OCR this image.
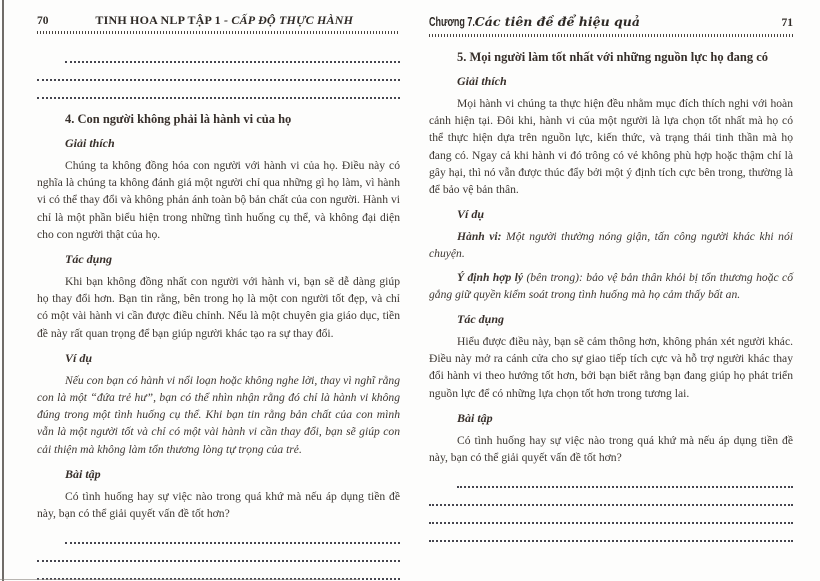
70	TINH HOA NLP TẬP 1 - CẤP ĐỘ THỰC HÀNH
4. Con người không phải là hành vi của họ
Giải thích

Chúng ta không đồng hóa con người với hành vi của họ. Điều này có nghĩa là chúng ta không đánh giá một người chỉ qua những gì họ làm, vì hành vi có thể thay đổi và không phản ánh toàn bộ bản chất của con người. Hành vi chỉ là một phần biểu hiện trong những tình huống cụ thể, và không đại diện cho con người thật của họ.

Tác dụng

Khi bạn không đồng nhất con người với hành vi, bạn sẽ dễ dàng giúp họ thay đổi hơn. Bạn tin rằng, bên trong họ là một con người tốt đẹp, và chỉ có một vài hành vi cần được điều chỉnh. Nếu là một chuyên gia giáo dục, tiền đề này rất quan trọng để bạn giúp người khác tạo ra sự thay đổi.

Ví dụ

Nếu con bạn có hành vi nổi loạn hoặc không nghe lời, thay vì nghĩ rằng con là một “đứa trẻ hư”, bạn có thể nhìn nhận rằng đó chỉ là hành vi không đúng trong một tình huống cụ thể. Khi bạn tin rằng bản chất của con mình vẫn là một người tốt và chỉ có một vài hành vi cần thay đổi, bạn sẽ giúp con cải thiện mà không làm tổn thương lòng tự trọng của trẻ.

Bài tập

Có tình huống hay sự việc nào trong quá khứ mà nếu áp dụng tiền đề này, bạn có thể giải quyết vấn đề tốt hơn?

Chương 7.Các tiên đề để hiệu quả	71
5. Mọi người làm tốt nhất với những nguồn lực họ đang có
Giải thích

Mọi hành vi chúng ta thực hiện đều nhằm mục đích thích nghi với hoàn cảnh hiện tại. Đôi khi, hành vi của một người là lựa chọn tốt nhất mà họ có thể thực hiện dựa trên nguồn lực, kiến thức, và trạng thái tinh thần mà họ đang có. Ngay cả khi hành vi đó trông có vẻ không phù hợp hoặc thậm chí là gây hại, thì nó vẫn được thúc đẩy bởi một ý định tích cực bên trong, thường là để bảo vệ bản thân.

Ví dụ

Hành vi: Một người thường nóng giận, tấn công người khác khi nói chuyện.

Ý định hợp lý (bên trong): bảo vệ bản thân khỏi bị tổn thương hoặc cố gắng giữ quyền kiểm soát trong tình huống mà họ cảm thấy bất an.

Tác dụng

Hiểu được điều này, bạn sẽ cảm thông hơn, không phán xét người khác. Điều này mở ra cánh cửa cho sự giao tiếp tích cực và hỗ trợ người khác thay đổi hành vi theo hướng tốt hơn, bởi bạn biết rằng bạn đang giúp họ phát triển nguồn lực để có những lựa chọn tốt hơn trong tương lai.

Bài tập

Có tình huống hay sự việc nào trong quá khứ mà nếu áp dụng tiền đề này, bạn có thể giải quyết vấn đề tốt hơn?
